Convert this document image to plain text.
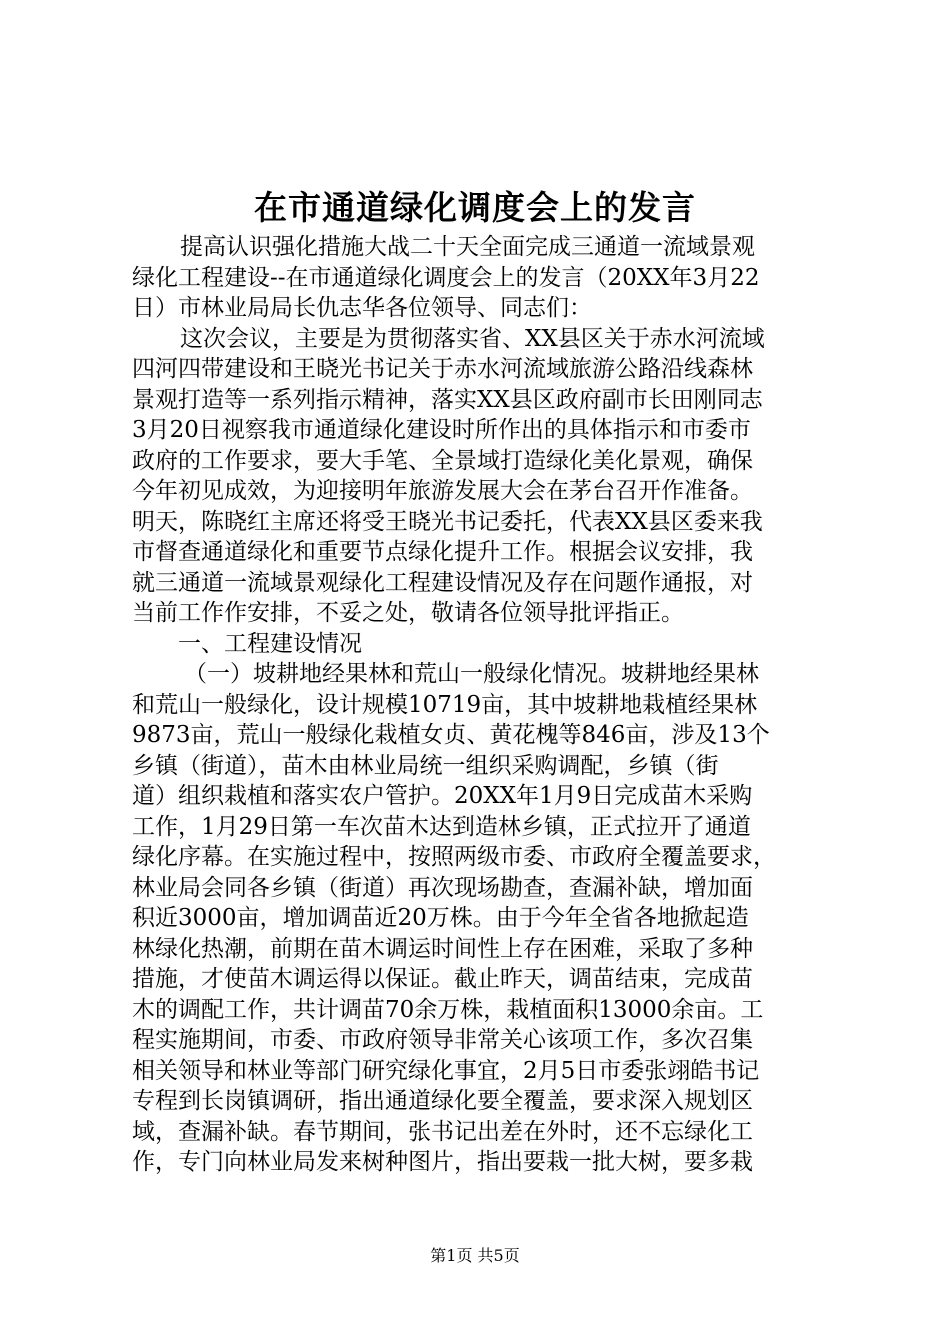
在市通道绿化调度会上的发言
提高认识强化措施大战二十天全面完成三通道一流域景观
绿化工程建设--在市通道绿化调度会上的发言（20XX年3月22
日）市林业局局长仇志华各位领导、同志们：
这次会议，主要是为贯彻落实省、XX县区关于赤水河流域
四河四带建设和王晓光书记关于赤水河流域旅游公路沿线森林
景观打造等一系列指示精神，落实XX县区政府副市长田刚同志
3月20日视察我市通道绿化建设时所作出的具体指示和市委市
政府的工作要求，要大手笔、全景域打造绿化美化景观，确保
今年初见成效，为迎接明年旅游发展大会在茅台召开作准备。
明天，陈晓红主席还将受王晓光书记委托，代表XX县区委来我
市督查通道绿化和重要节点绿化提升工作。根据会议安排，我
就三通道一流域景观绿化工程建设情况及存在问题作通报，对
当前工作作安排，不妥之处，敬请各位领导批评指正。
一、工程建设情况
（一）坡耕地经果林和荒山一般绿化情况。坡耕地经果林
和荒山一般绿化，设计规模10719亩，其中坡耕地栽植经果林
9873亩，荒山一般绿化栽植女贞、黄花槐等846亩，涉及13个
乡镇（街道），苗木由林业局统一组织采购调配，乡镇（街
道）组织栽植和落实农户管护。20XX年1月9日完成苗木采购
工作，1月29日第一车次苗木达到造林乡镇，正式拉开了通道
绿化序幕。在实施过程中，按照两级市委、市政府全覆盖要求，
林业局会同各乡镇（街道）再次现场勘查，查漏补缺，增加面
积近3000亩，增加调苗近20万株。由于今年全省各地掀起造
林绿化热潮，前期在苗木调运时间性上存在困难，采取了多种
措施，才使苗木调运得以保证。截止昨天，调苗结束，完成苗
木的调配工作，共计调苗70余万株，栽植面积13000余亩。工
程实施期间，市委、市政府领导非常关心该项工作，多次召集
相关领导和林业等部门研究绿化事宜，2月5日市委张翊皓书记
专程到长岗镇调研，指出通道绿化要全覆盖，要求深入规划区
域，查漏补缺。春节期间，张书记出差在外时，还不忘绿化工
作，专门向林业局发来树种图片，指出要栽一批大树，要多栽
第1页 共5页
